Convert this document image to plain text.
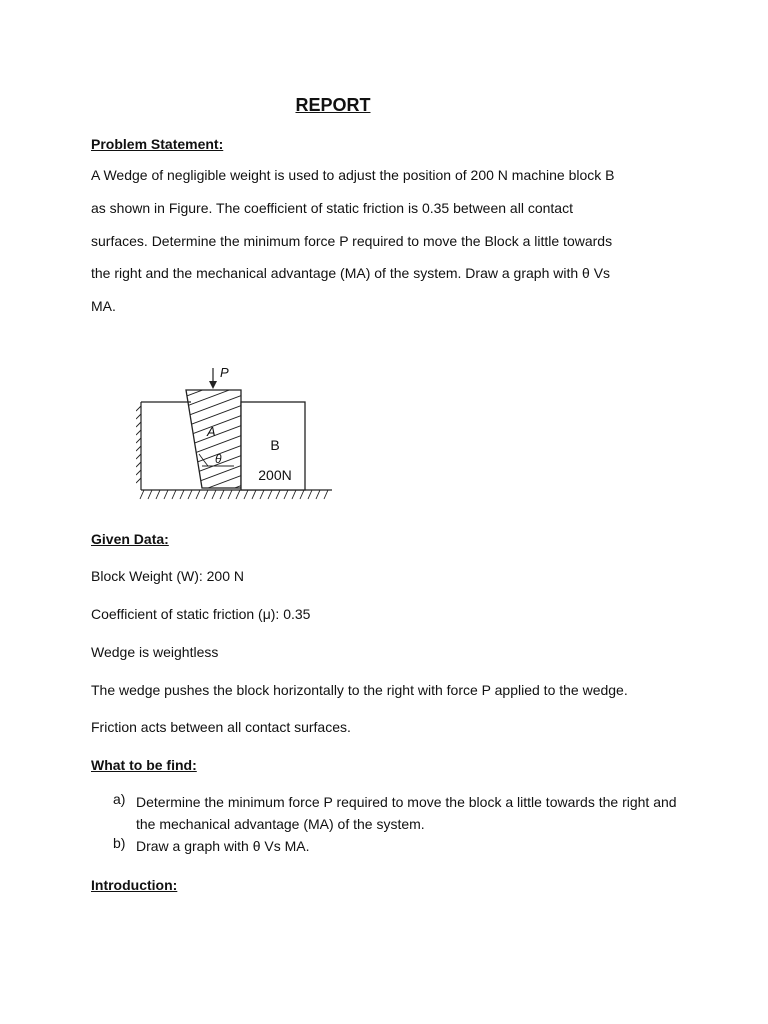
REPORT
Problem Statement:
A Wedge of negligible weight is used to adjust the position of 200 N machine block B
as shown in Figure. The coefficient of static friction is 0.35 between all contact
surfaces. Determine the minimum force P required to move the Block a little towards
the right and the mechanical advantage (MA) of the system. Draw a graph with θ Vs
MA.
P
A
θ
B
200N
Given Data:
Block Weight (W): 200 N
Coefficient of static friction (μ): 0.35
Wedge is weightless
The wedge pushes the block horizontally to the right with force P applied to the wedge.
Friction acts between all contact surfaces.
What to be find:
a) Determine the minimum force P required to move the block a little towards the right and the mechanical advantage (MA) of the system.
b) Draw a graph with θ Vs MA.
Introduction:
